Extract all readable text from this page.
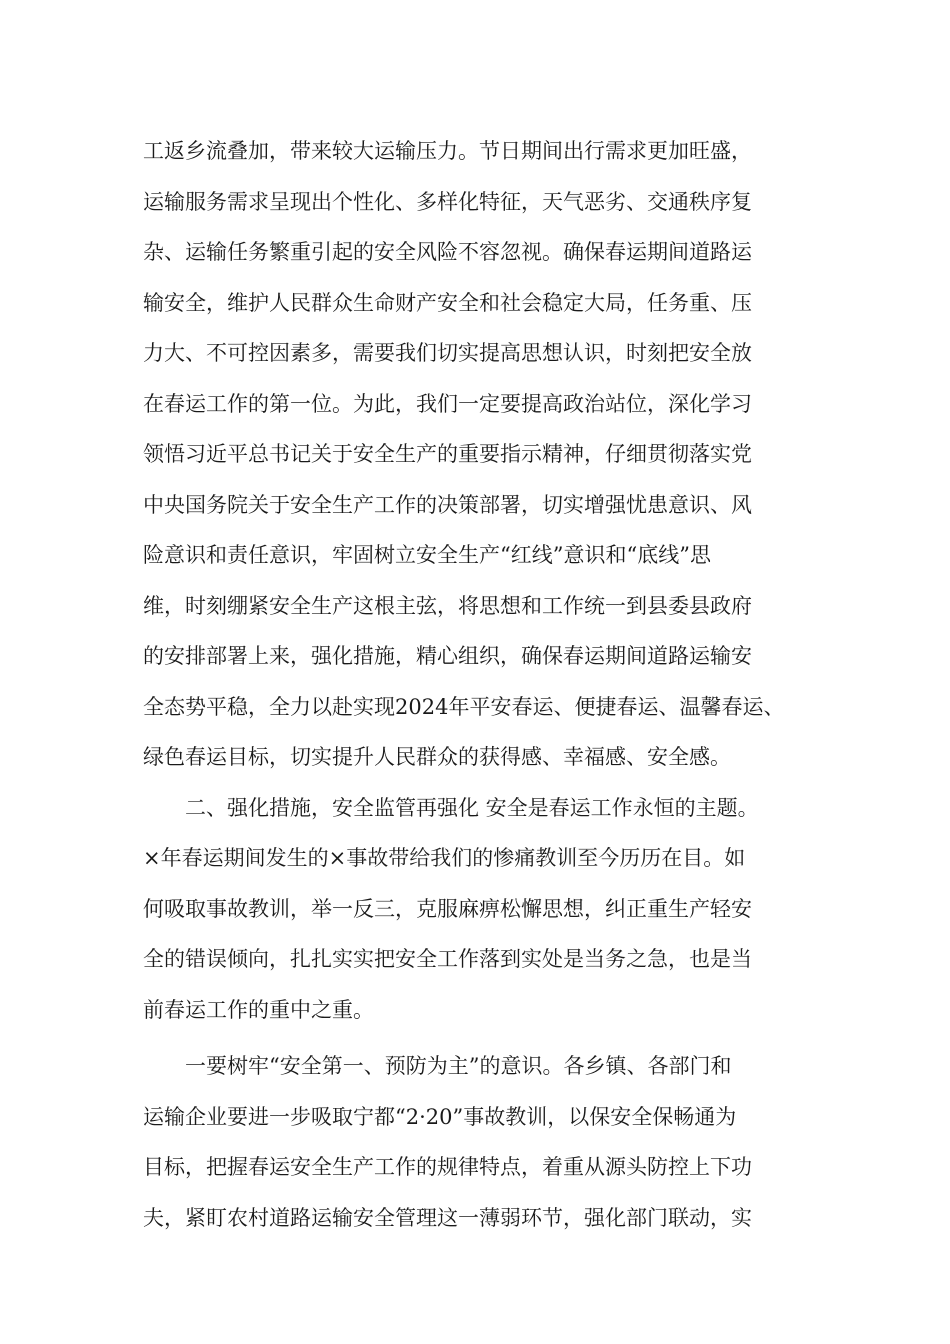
工返乡流叠加，带来较大运输压力。节日期间出行需求更加旺盛，
运输服务需求呈现出个性化、多样化特征，天气恶劣、交通秩序复
杂、运输任务繁重引起的安全风险不容忽视。确保春运期间道路运
输安全，维护人民群众生命财产安全和社会稳定大局，任务重、压
力大、不可控因素多，需要我们切实提高思想认识，时刻把安全放
在春运工作的第一位。为此，我们一定要提高政治站位，深化学习
领悟习近平总书记关于安全生产的重要指示精神，仔细贯彻落实党
中央国务院关于安全生产工作的决策部署，切实增强忧患意识、风
险意识和责任意识，牢固树立安全生产“红线”意识和“底线”思
维，时刻绷紧安全生产这根主弦，将思想和工作统一到县委县政府
的安排部署上来，强化措施，精心组织，确保春运期间道路运输安
全态势平稳，全力以赴实现2024年平安春运、便捷春运、温馨春运、
绿色春运目标，切实提升人民群众的获得感、幸福感、安全感。

　　二、强化措施，安全监管再强化 安全是春运工作永恒的主题。
×年春运期间发生的×事故带给我们的惨痛教训至今历历在目。如
何吸取事故教训，举一反三，克服麻痹松懈思想，纠正重生产轻安
全的错误倾向，扎扎实实把安全工作落到实处是当务之急，也是当
前春运工作的重中之重。

　　一要树牢“安全第一、预防为主”的意识。各乡镇、各部门和
运输企业要进一步吸取宁都“2·20”事故教训，以保安全保畅通为
目标，把握春运安全生产工作的规律特点，着重从源头防控上下功
夫，紧盯农村道路运输安全管理这一薄弱环节，强化部门联动，实
